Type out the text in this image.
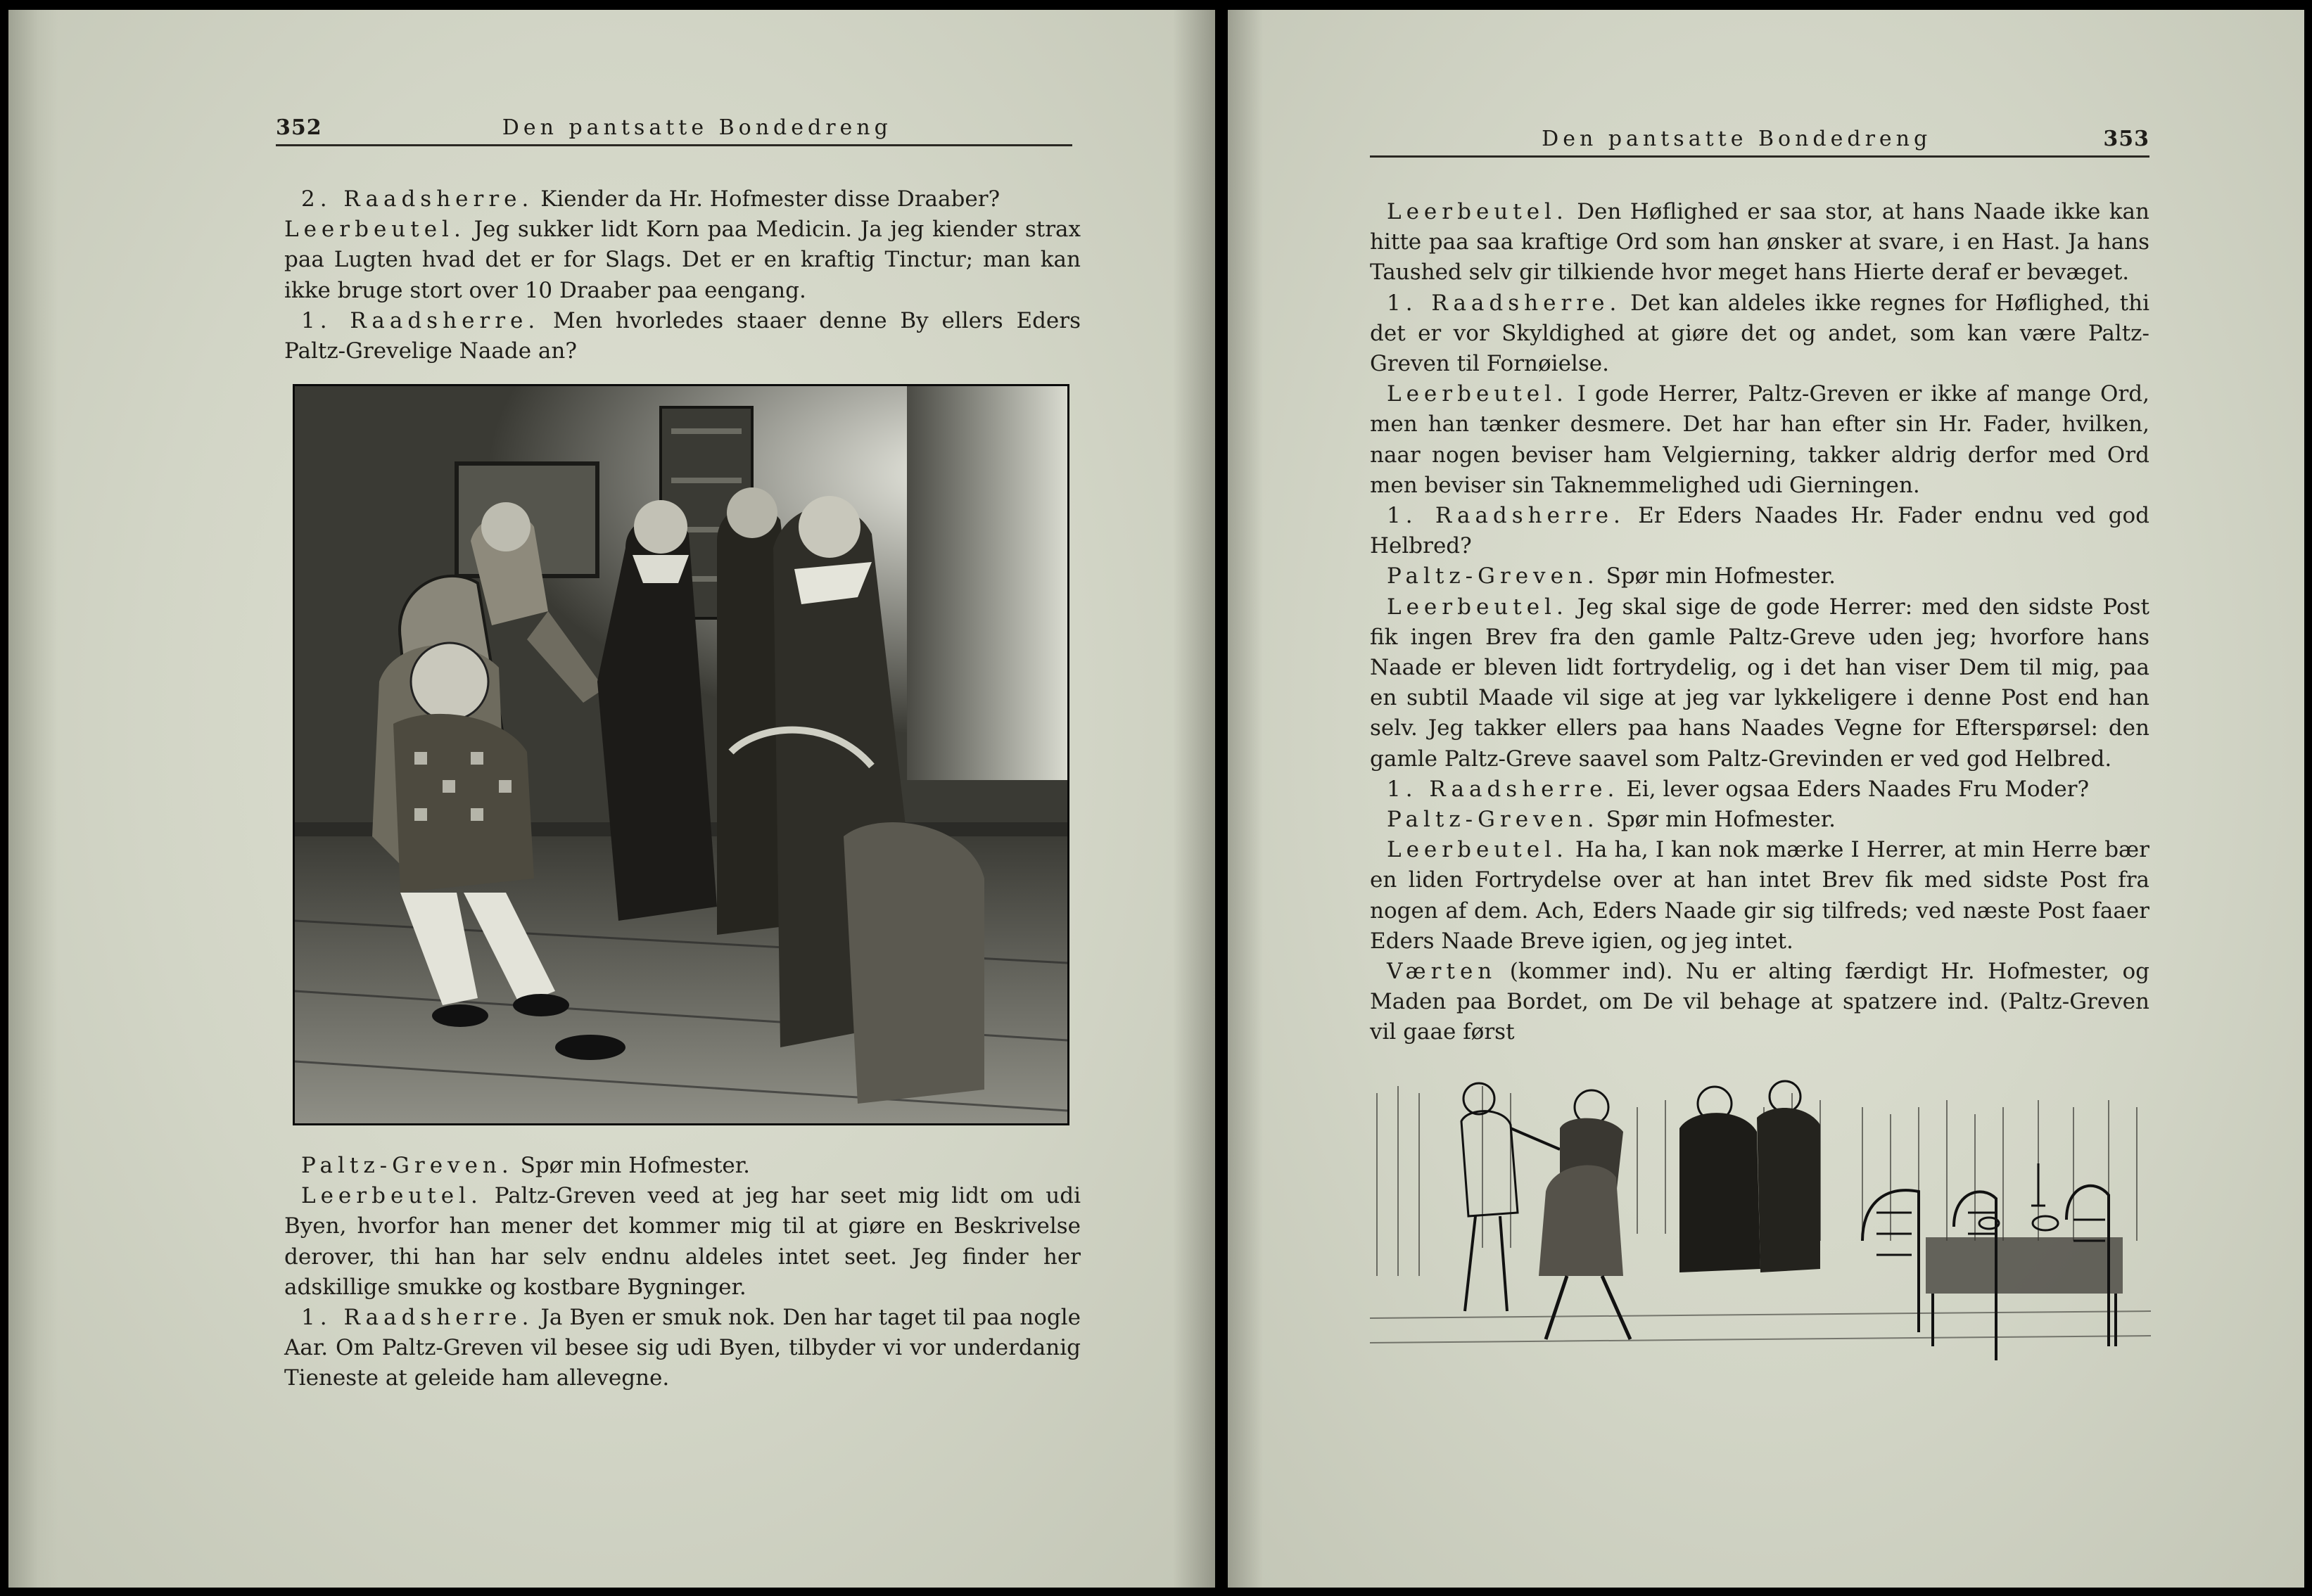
352	Den pantsatte Bondedreng

2. Raadsherre. Kiender da Hr. Hofmester disse Draaber?

Leerbeutel. Jeg sukker lidt Korn paa Medicin. Ja jeg kiender strax paa Lugten hvad det er for Slags. Det er en kraftig Tinctur; man kan ikke bruge stort over 10 Draaber paa eengang.

1. Raadsherre. Men hvorledes staaer denne By ellers Eders Paltz-Grevelige Naade an?

Paltz-Greven. Spør min Hofmester.

Leerbeutel. Paltz-Greven veed at jeg har seet mig lidt om udi Byen, hvorfor han mener det kommer mig til at giøre en Beskrivelse derover, thi han har selv endnu aldeles intet seet. Jeg finder her adskillige smukke og kostbare Bygninger.

1. Raadsherre. Ja Byen er smuk nok. Den har taget til paa nogle Aar. Om Paltz-Greven vil besee sig udi Byen, tilbyder vi vor underdanig Tieneste at geleide ham allevegne.

Den pantsatte Bondedreng	353

Leerbeutel. Den Høflighed er saa stor, at hans Naade ikke kan hitte paa saa kraftige Ord som han ønsker at svare, i en Hast. Ja hans Taushed selv gir tilkiende hvor meget hans Hierte deraf er bevæget.

1. Raadsherre. Det kan aldeles ikke regnes for Høflighed, thi det er vor Skyldighed at giøre det og andet, som kan være Paltz-Greven til Fornøielse.

Leerbeutel. I gode Herrer, Paltz-Greven er ikke af mange Ord, men han tænker desmere. Det har han efter sin Hr. Fader, hvilken, naar nogen beviser ham Velgierning, takker aldrig derfor med Ord men beviser sin Taknemmelighed udi Gierningen.

1. Raadsherre. Er Eders Naades Hr. Fader endnu ved god Helbred?

Paltz-Greven. Spør min Hofmester.

Leerbeutel. Jeg skal sige de gode Herrer: med den sidste Post fik ingen Brev fra den gamle Paltz-Greve uden jeg; hvorfore hans Naade er bleven lidt fortrydelig, og i det han viser Dem til mig, paa en subtil Maade vil sige at jeg var lykkeligere i denne Post end han selv. Jeg takker ellers paa hans Naades Vegne for Efterspørsel: den gamle Paltz-Greve saavel som Paltz-Grevinden er ved god Helbred.

1. Raadsherre. Ei, lever ogsaa Eders Naades Fru Moder?

Paltz-Greven. Spør min Hofmester.

Leerbeutel. Ha ha, I kan nok mærke I Herrer, at min Herre bær en liden Fortrydelse over at han intet Brev fik med sidste Post fra nogen af dem. Ach, Eders Naade gir sig tilfreds; ved næste Post faaer Eders Naade Breve igien, og jeg intet.

Værten (kommer ind). Nu er alting færdigt Hr. Hofmester, og Maden paa Bordet, om De vil behage at spatzere ind. (Paltz-Greven vil gaae først
